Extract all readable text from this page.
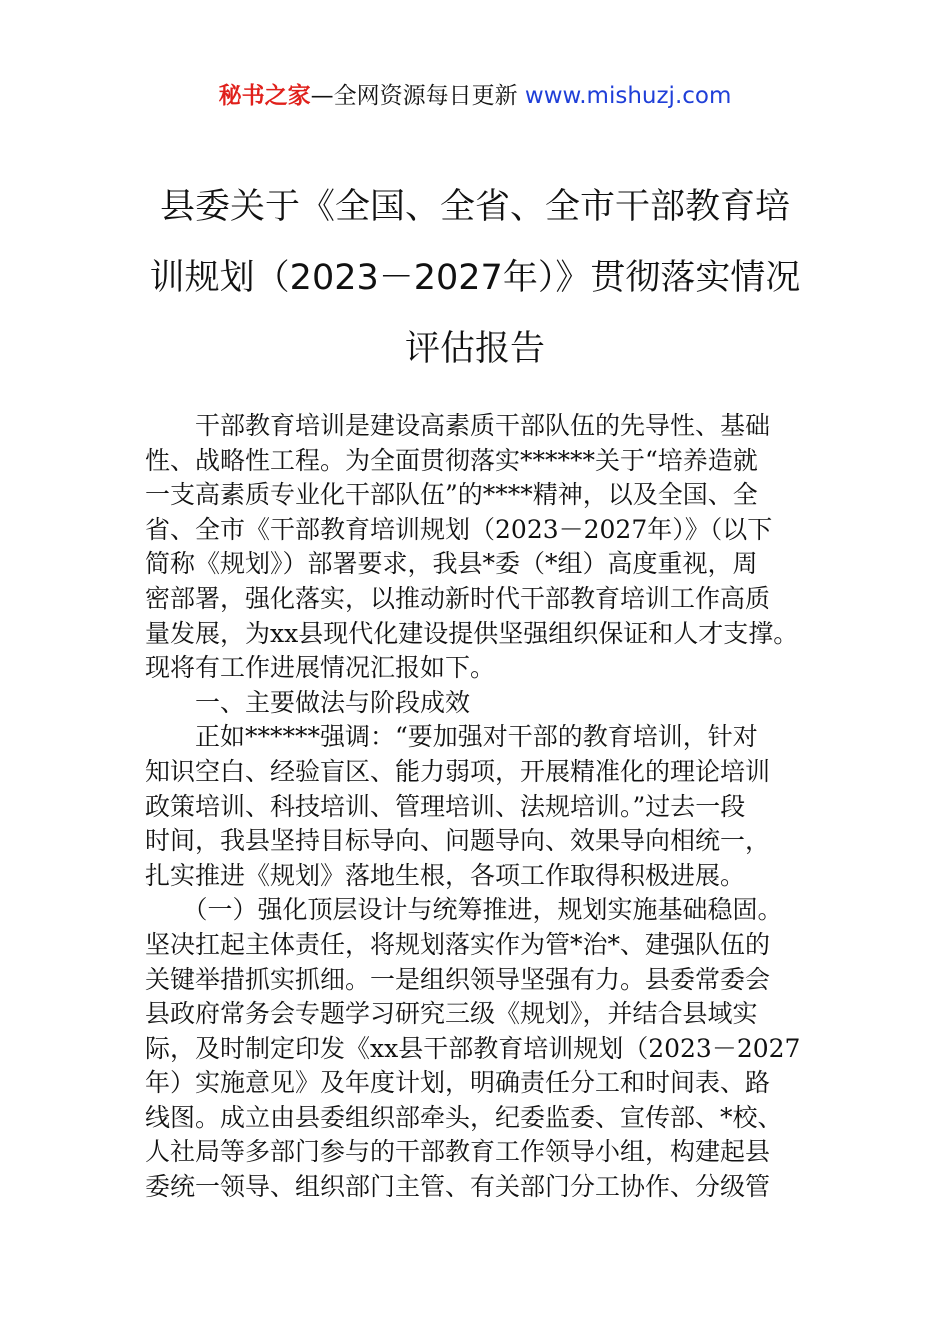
秘书之家—全网资源每日更新 www.mishuzj.com
县委关于《全国、全省、全市干部教育培
训规划（2023－2027年）》贯彻落实情况
评估报告
　　干部教育培训是建设高素质干部队伍的先导性、基础
性、战略性工程。为全面贯彻落实******关于“培养造就
一支高素质专业化干部队伍”的****精神，以及全国、全
省、全市《干部教育培训规划（2023－2027年）》（以下
简称《规划》）部署要求，我县*委（*组）高度重视，周
密部署，强化落实，以推动新时代干部教育培训工作高质
量发展，为xx县现代化建设提供坚强组织保证和人才支撑。
现将有工作进展情况汇报如下。
　　一、主要做法与阶段成效
　　正如******强调：“要加强对干部的教育培训，针对
知识空白、经验盲区、能力弱项，开展精准化的理论培训
政策培训、科技培训、管理培训、法规培训。”过去一段
时间，我县坚持目标导向、问题导向、效果导向相统一，
扎实推进《规划》落地生根，各项工作取得积极进展。
　　（一）强化顶层设计与统筹推进，规划实施基础稳固。
坚决扛起主体责任，将规划落实作为管*治*、建强队伍的
关键举措抓实抓细。一是组织领导坚强有力。县委常委会
县政府常务会专题学习研究三级《规划》，并结合县域实
际，及时制定印发《xx县干部教育培训规划（2023－2027
年）实施意见》及年度计划，明确责任分工和时间表、路
线图。成立由县委组织部牵头，纪委监委、宣传部、*校、
人社局等多部门参与的干部教育工作领导小组，构建起县
委统一领导、组织部门主管、有关部门分工协作、分级管
